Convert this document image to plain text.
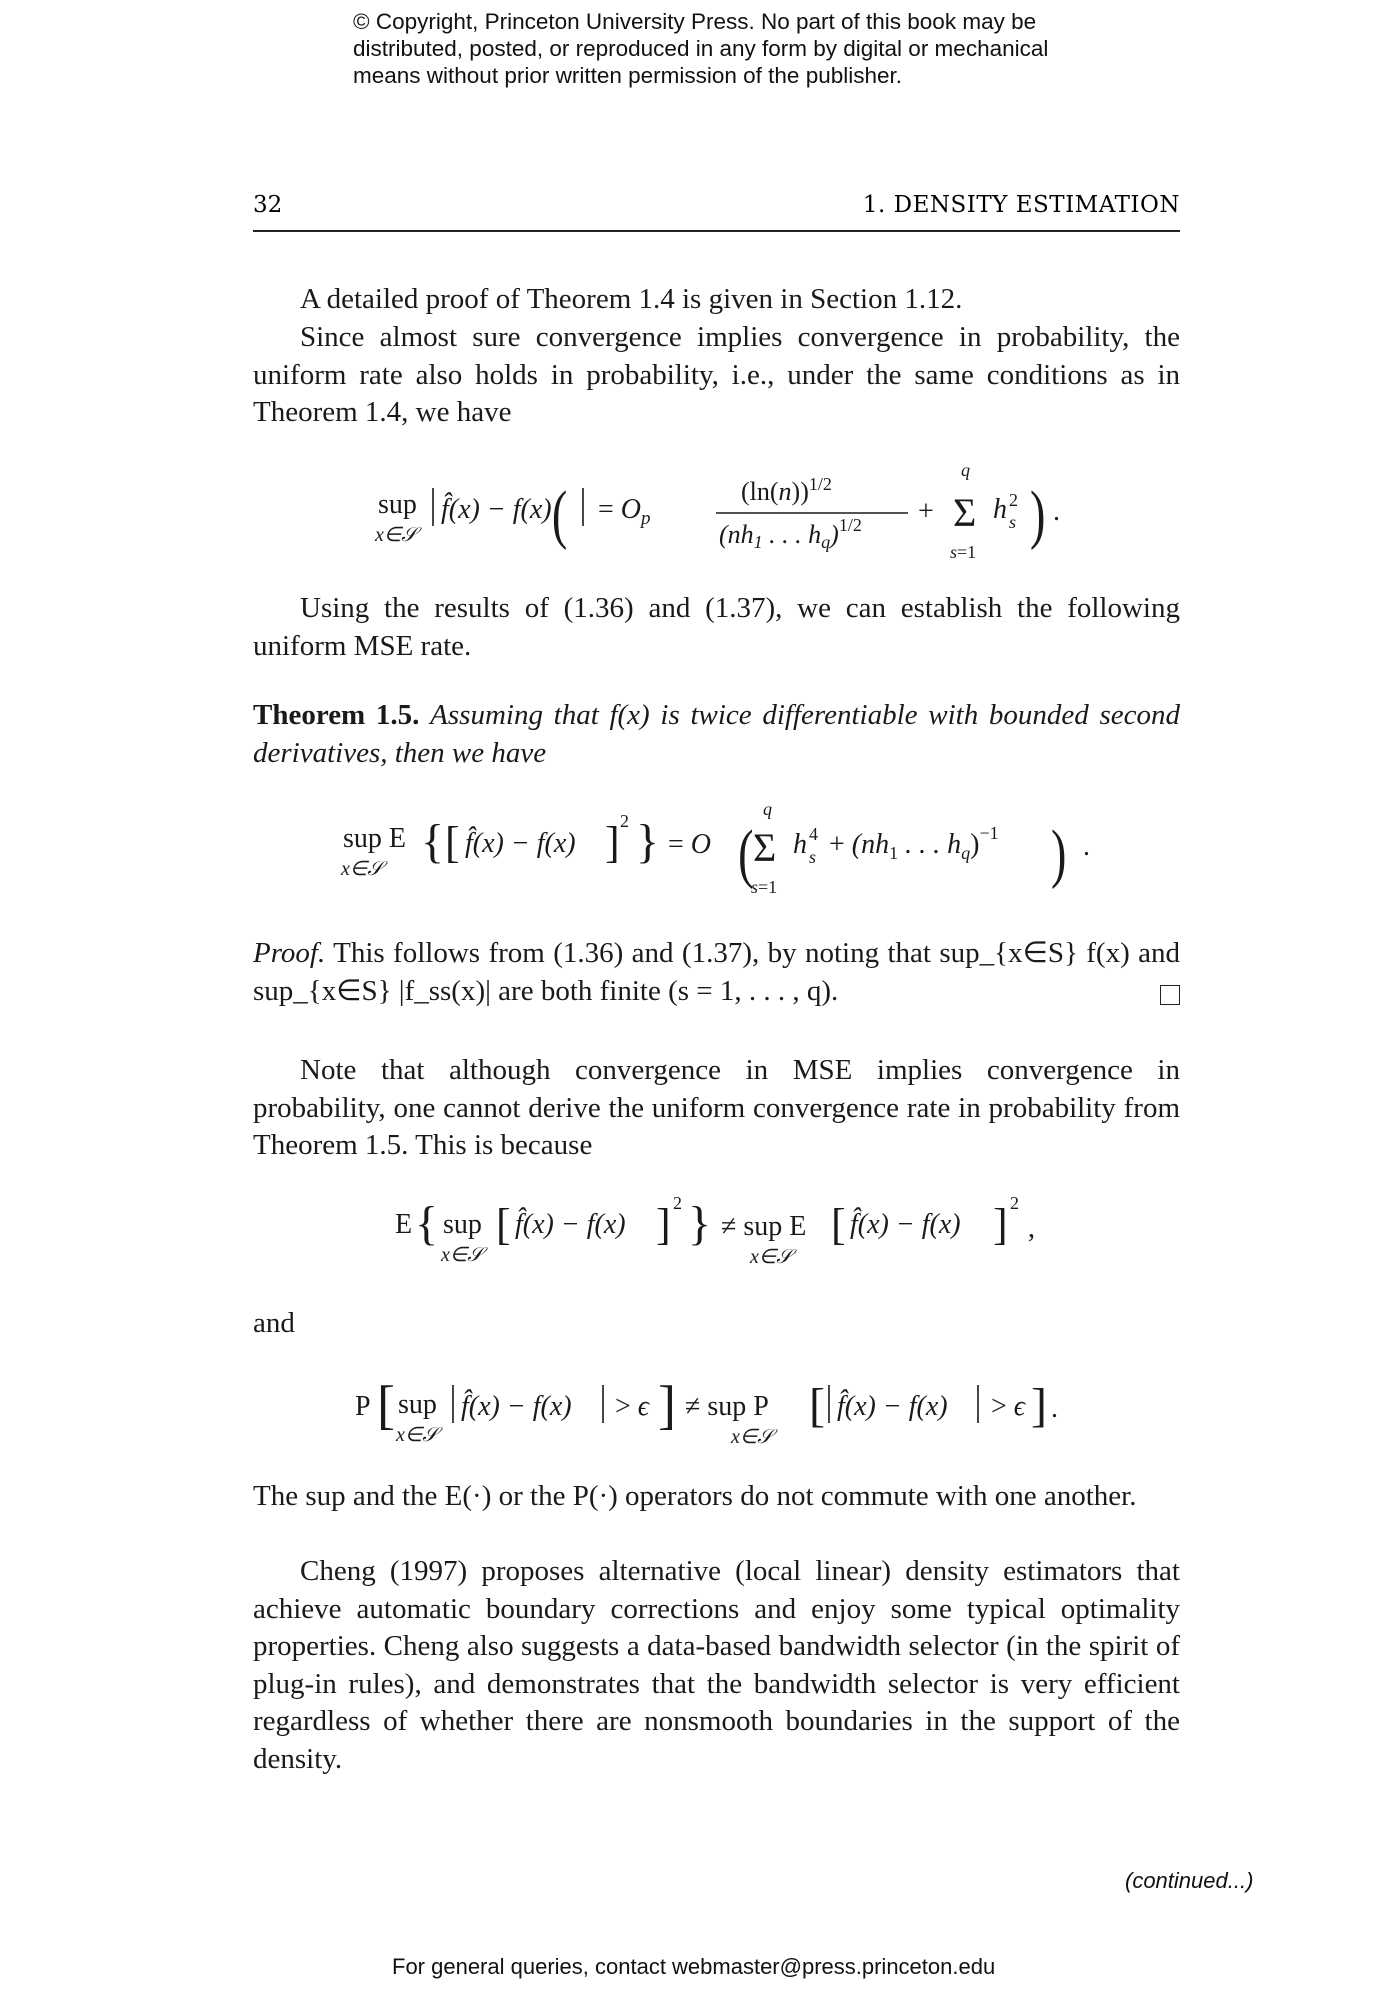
© Copyright, Princeton University Press. No part of this book may be distributed, posted, or reproduced in any form by digital or mechanical means without prior written permission of the publisher.
32	1. DENSITY ESTIMATION

A detailed proof of Theorem 1.4 is given in Section 1.12.

Since almost sure convergence implies convergence in probability, the uniform rate also holds in probability, i.e., under the same conditions as in Theorem 1.4, we have

sup
x∈𝒮
f̂(x) − $f(x) = O_p$
(	$(\ln(n))^{1/2}$
(nh1 . . . hq)$^{1/2}$ + Σ
q
s=1
h 2
s ) .

Using the results of (1.36) and (1.37), we can establish the following uniform MSE rate.

Theorem 1.5. Assuming that f(x) is twice differentiable with bounded second derivatives, then we have

sup E
x∈𝒮
{ [ f̂(x) − f(x) ] 2 } = O ( Σ
q
s=1
h 4
$s + (nh_1$ . . . $h_q)^{-1}$ ) .

Proof. This follows from (1.36) and (1.37), by noting that sup_{x∈S} f(x) and sup_{x∈S} |f_ss(x)| are both finite (s = 1, . . . , q).

Note that although convergence in MSE implies convergence in probability, one cannot derive the uniform convergence rate in probability from Theorem 1.5. This is because

E { sup
x∈𝒮
[ f̂(x) − f(x) ] 2 } ≠ sup E
x∈𝒮
[ f̂(x) − f(x) ] 2
,
and
P [ sup
x∈𝒮
f̂(x) − f(x) > ϵ ] ≠ sup P
x∈𝒮
[ f̂(x) − f(x) > ϵ ] .

The sup and the E(·) or the P(·) operators do not commute with one another.

Cheng (1997) proposes alternative (local linear) density estimators that achieve automatic boundary corrections and enjoy some typical optimality properties. Cheng also suggests a data-based bandwidth selector (in the spirit of plug-in rules), and demonstrates that the bandwidth selector is very efficient regardless of whether there are nonsmooth boundaries in the support of the density.

(continued...)
For general queries, contact webmaster@press.princeton.edu
